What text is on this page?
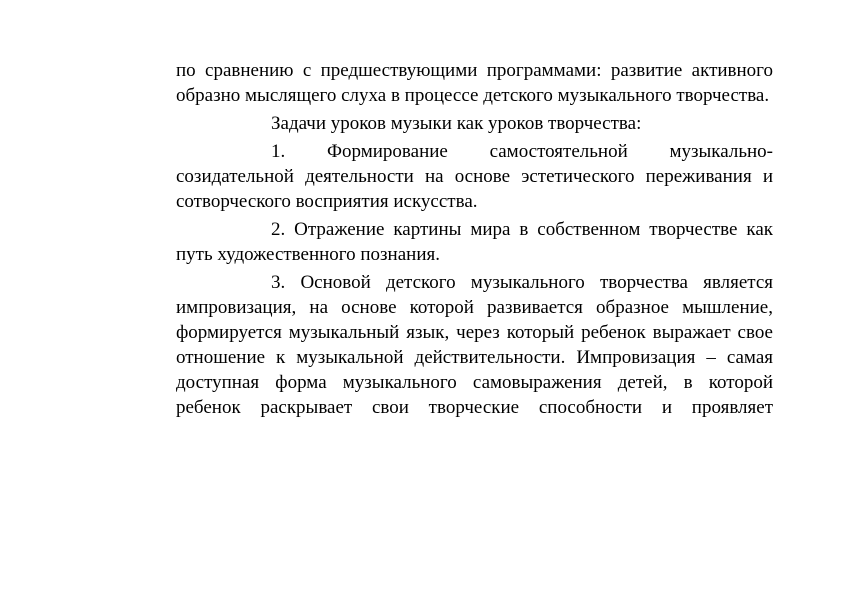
по сравнению с предшествующими программами: развитие активного образно мыслящего слуха в процессе детского музыкального творчества.

Задачи уроков музыки как уроков творчества:

1. Формирование самостоятельной музыкально-созидательной деятельности на основе эстетического переживания и сотворческого восприятия искусства.

2. Отражение картины мира в собственном творчестве как путь художественного познания.

3. Основой детского музыкального творчества является импровизация, на основе которой развивается образное мышление, формируется музыкальный язык, через который ребенок выражает свое отношение к музыкальной действительности. Импровизация – самая доступная форма музыкального самовыражения детей, в которой ребенок раскрывает свои творческие способности и проявляет
